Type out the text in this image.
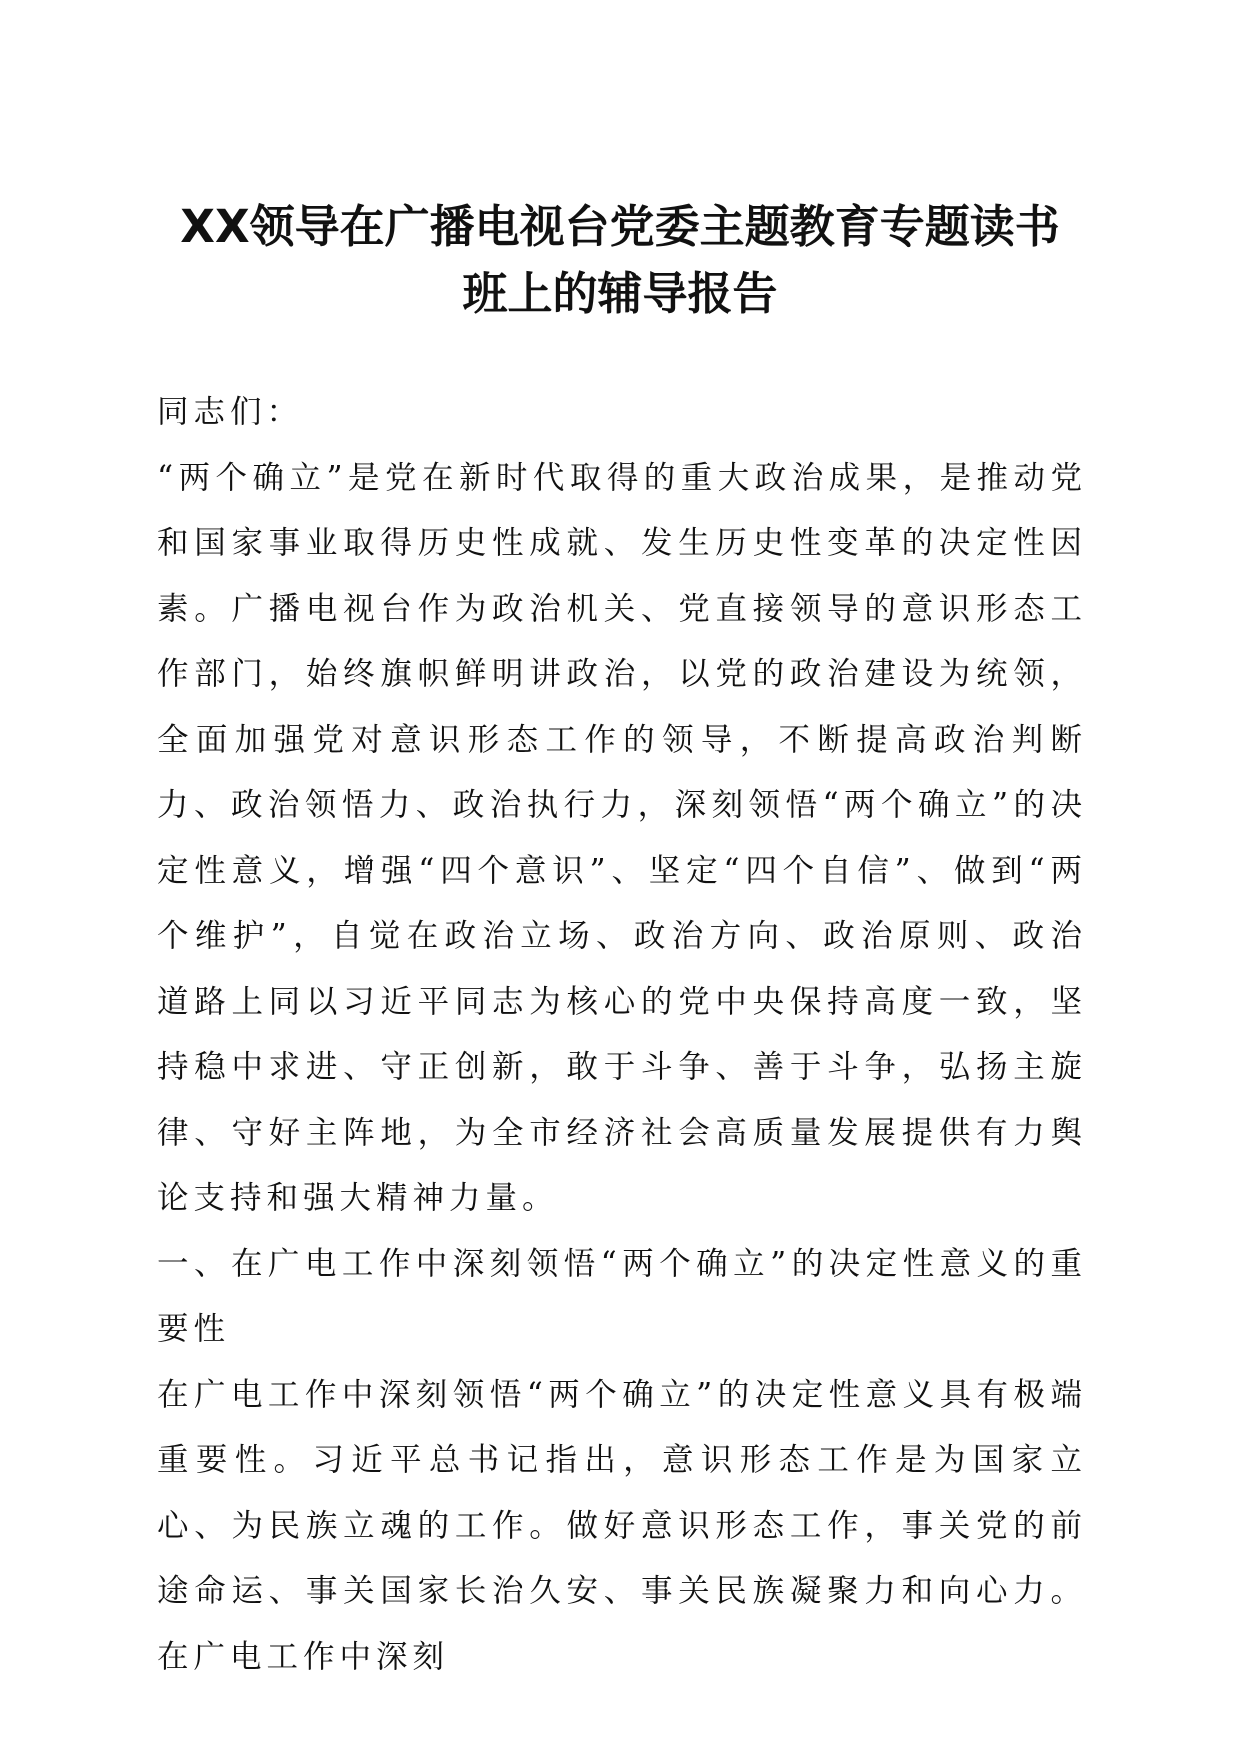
XX领导在广播电视台党委主题教育专题读书
班上的辅导报告

同志们：

“两个确立”是党在新时代取得的重大政治成果，是推动党和国家事业取得历史性成就、发生历史性变革的决定性因素。广播电视台作为政治机关、党直接领导的意识形态工作部门，始终旗帜鲜明讲政治，以党的政治建设为统领，全面加强党对意识形态工作的领导，不断提高政治判断力、政治领悟力、政治执行力，深刻领悟“两个确立”的决定性意义，增强“四个意识”、坚定“四个自信”、做到“两个维护”，自觉在政治立场、政治方向、政治原则、政治道路上同以习近平同志为核心的党中央保持高度一致，坚持稳中求进、守正创新，敢于斗争、善于斗争，弘扬主旋律、守好主阵地，为全市经济社会高质量发展提供有力舆论支持和强大精神力量。

一、在广电工作中深刻领悟“两个确立”的决定性意义的重要性

在广电工作中深刻领悟“两个确立”的决定性意义具有极端重要性。习近平总书记指出，意识形态工作是为国家立心、为民族立魂的工作。做好意识形态工作，事关党的前途命运、事关国家长治久安、事关民族凝聚力和向心力。在广电工作中深刻
